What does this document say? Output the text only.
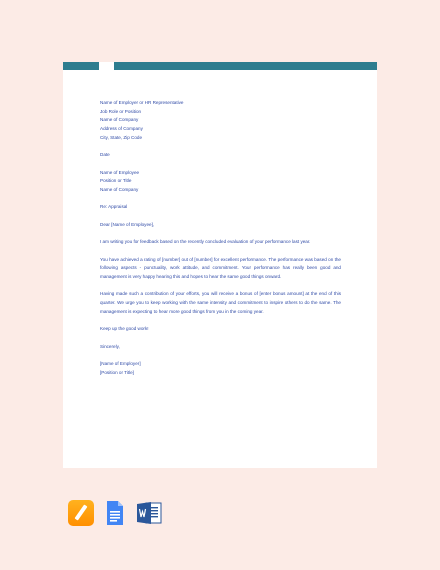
Name of Employer or HR Representative

Job Role or Position

Name of Company

Address of Company

City, State, Zip Code

Date

Name of Employee

Position or Title

Name of Company

Re: Appraisal

Dear [Name of Employee],

I am writing you for feedback based on the recently concluded evaluation of your performance last year.

You have achieved a rating of [number] out of [number] for excellent performance. The performance was based on the following aspects - punctuality, work attitude, and commitment. Your performance has really been good and management is very happy hearing this and hopes to hear the same good things onward.

Having made such a contribution of your efforts, you will receive a bonus of [enter bonus amount] at the end of this quarter. We urge you to keep working with the same intensity and commitment to inspire others to do the same. The management is expecting to hear more good things from you in the coming year.

Keep up the good work!

Sincerely,

[Name of Employer]

[Position or Title]
